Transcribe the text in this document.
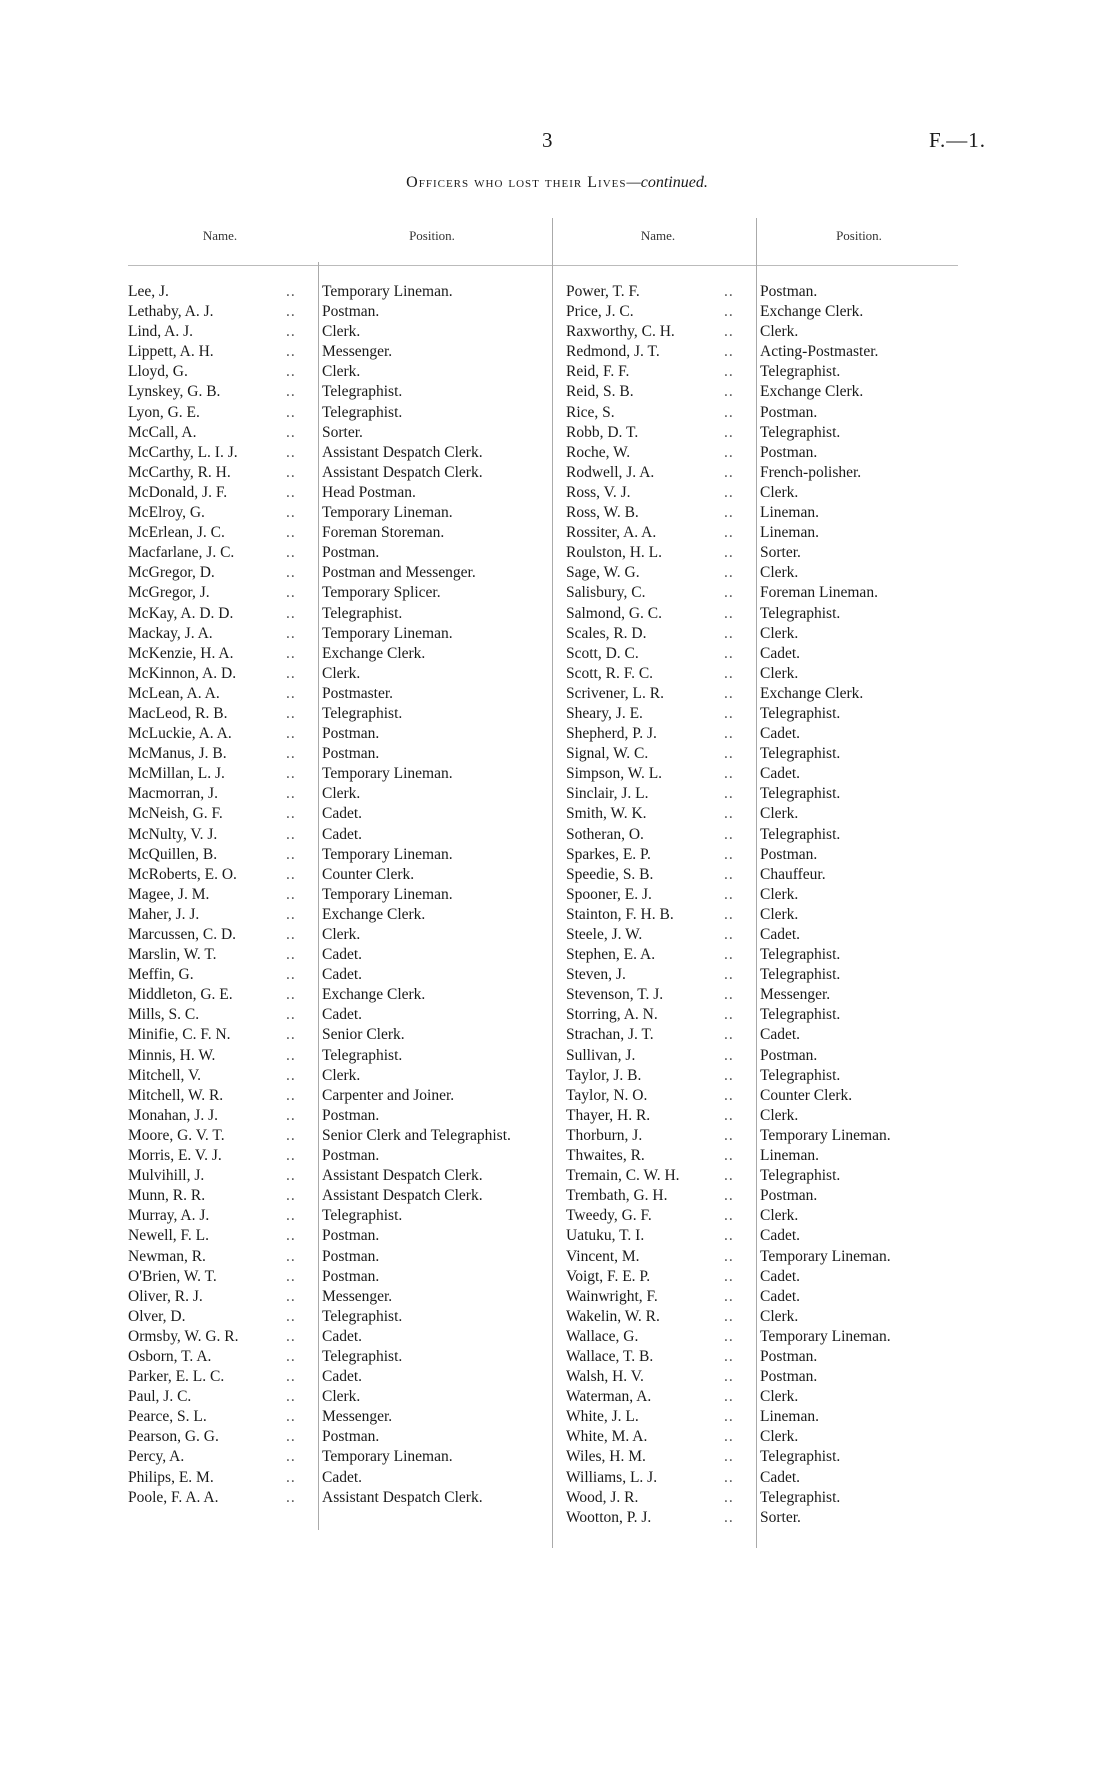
3	F.—1.
Officers who lost their Lives—continued.
Name.	Position.	Name.	Position.
Lee, J.	..	Temporary Lineman.
Lethaby, A. J.	..	Postman.
Lind, A. J.	..	Clerk.
Lippett, A. H.	..	Messenger.
Lloyd, G.	..	Clerk.
Lynskey, G. B.	..	Telegraphist.
Lyon, G. E.	..	Telegraphist.
McCall, A.	..	Sorter.
McCarthy, L. I. J.	..	Assistant Despatch Clerk.
McCarthy, R. H.	..	Assistant Despatch Clerk.
McDonald, J. F.	..	Head Postman.
McElroy, G.	..	Temporary Lineman.
McErlean, J. C.	..	Foreman Storeman.
Macfarlane, J. C.	..	Postman.
McGregor, D.	..	Postman and Messenger.
McGregor, J.	..	Temporary Splicer.
McKay, A. D. D.	..	Telegraphist.
Mackay, J. A.	..	Temporary Lineman.
McKenzie, H. A.	..	Exchange Clerk.
McKinnon, A. D.	..	Clerk.
McLean, A. A.	..	Postmaster.
MacLeod, R. B.	..	Telegraphist.
McLuckie, A. A.	..	Postman.
McManus, J. B.	..	Postman.
McMillan, L. J.	..	Temporary Lineman.
Macmorran, J.	..	Clerk.
McNeish, G. F.	..	Cadet.
McNulty, V. J.	..	Cadet.
McQuillen, B.	..	Temporary Lineman.
McRoberts, E. O.	..	Counter Clerk.
Magee, J. M.	..	Temporary Lineman.
Maher, J. J.	..	Exchange Clerk.
Marcussen, C. D.	..	Clerk.
Marslin, W. T.	..	Cadet.
Meffin, G.	..	Cadet.
Middleton, G. E.	..	Exchange Clerk.
Mills, S. C.	..	Cadet.
Minifie, C. F. N.	..	Senior Clerk.
Minnis, H. W.	..	Telegraphist.
Mitchell, V.	..	Clerk.
Mitchell, W. R.	..	Carpenter and Joiner.
Monahan, J. J.	..	Postman.
Moore, G. V. T.	..	Senior Clerk and Telegraphist.
Morris, E. V. J.	..	Postman.
Mulvihill, J.	..	Assistant Despatch Clerk.
Munn, R. R.	..	Assistant Despatch Clerk.
Murray, A. J.	..	Telegraphist.
Newell, F. L.	..	Postman.
Newman, R.	..	Postman.
O'Brien, W. T.	..	Postman.
Oliver, R. J.	..	Messenger.
Olver, D.	..	Telegraphist.
Ormsby, W. G. R.	..	Cadet.
Osborn, T. A.	..	Telegraphist.
Parker, E. L. C.	..	Cadet.
Paul, J. C.	..	Clerk.
Pearce, S. L.	..	Messenger.
Pearson, G. G.	..	Postman.
Percy, A.	..	Temporary Lineman.
Philips, E. M.	..	Cadet.
Poole, F. A. A.	..	Assistant Despatch Clerk.
Power, T. F.	..	Postman.
Price, J. C.	..	Exchange Clerk.
Raxworthy, C. H.	..	Clerk.
Redmond, J. T.	..	Acting-Postmaster.
Reid, F. F.	..	Telegraphist.
Reid, S. B.	..	Exchange Clerk.
Rice, S.	..	Postman.
Robb, D. T.	..	Telegraphist.
Roche, W.	..	Postman.
Rodwell, J. A.	..	French-polisher.
Ross, V. J.	..	Clerk.
Ross, W. B.	..	Lineman.
Rossiter, A. A.	..	Lineman.
Roulston, H. L.	..	Sorter.
Sage, W. G.	..	Clerk.
Salisbury, C.	..	Foreman Lineman.
Salmond, G. C.	..	Telegraphist.
Scales, R. D.	..	Clerk.
Scott, D. C.	..	Cadet.
Scott, R. F. C.	..	Clerk.
Scrivener, L. R.	..	Exchange Clerk.
Sheary, J. E.	..	Telegraphist.
Shepherd, P. J.	..	Cadet.
Signal, W. C.	..	Telegraphist.
Simpson, W. L.	..	Cadet.
Sinclair, J. L.	..	Telegraphist.
Smith, W. K.	..	Clerk.
Sotheran, O.	..	Telegraphist.
Sparkes, E. P.	..	Postman.
Speedie, S. B.	..	Chauffeur.
Spooner, E. J.	..	Clerk.
Stainton, F. H. B.	..	Clerk.
Steele, J. W.	..	Cadet.
Stephen, E. A.	..	Telegraphist.
Steven, J.	..	Telegraphist.
Stevenson, T. J.	..	Messenger.
Storring, A. N.	..	Telegraphist.
Strachan, J. T.	..	Cadet.
Sullivan, J.	..	Postman.
Taylor, J. B.	..	Telegraphist.
Taylor, N. O.	..	Counter Clerk.
Thayer, H. R.	..	Clerk.
Thorburn, J.	..	Temporary Lineman.
Thwaites, R.	..	Lineman.
Tremain, C. W. H.	..	Telegraphist.
Trembath, G. H.	..	Postman.
Tweedy, G. F.	..	Clerk.
Uatuku, T. I.	..	Cadet.
Vincent, M.	..	Temporary Lineman.
Voigt, F. E. P.	..	Cadet.
Wainwright, F.	..	Cadet.
Wakelin, W. R.	..	Clerk.
Wallace, G.	..	Temporary Lineman.
Wallace, T. B.	..	Postman.
Walsh, H. V.	..	Postman.
Waterman, A.	..	Clerk.
White, J. L.	..	Lineman.
White, M. A.	..	Clerk.
Wiles, H. M.	..	Telegraphist.
Williams, L. J.	..	Cadet.
Wood, J. R.	..	Telegraphist.
Wootton, P. J.	..	Sorter.
